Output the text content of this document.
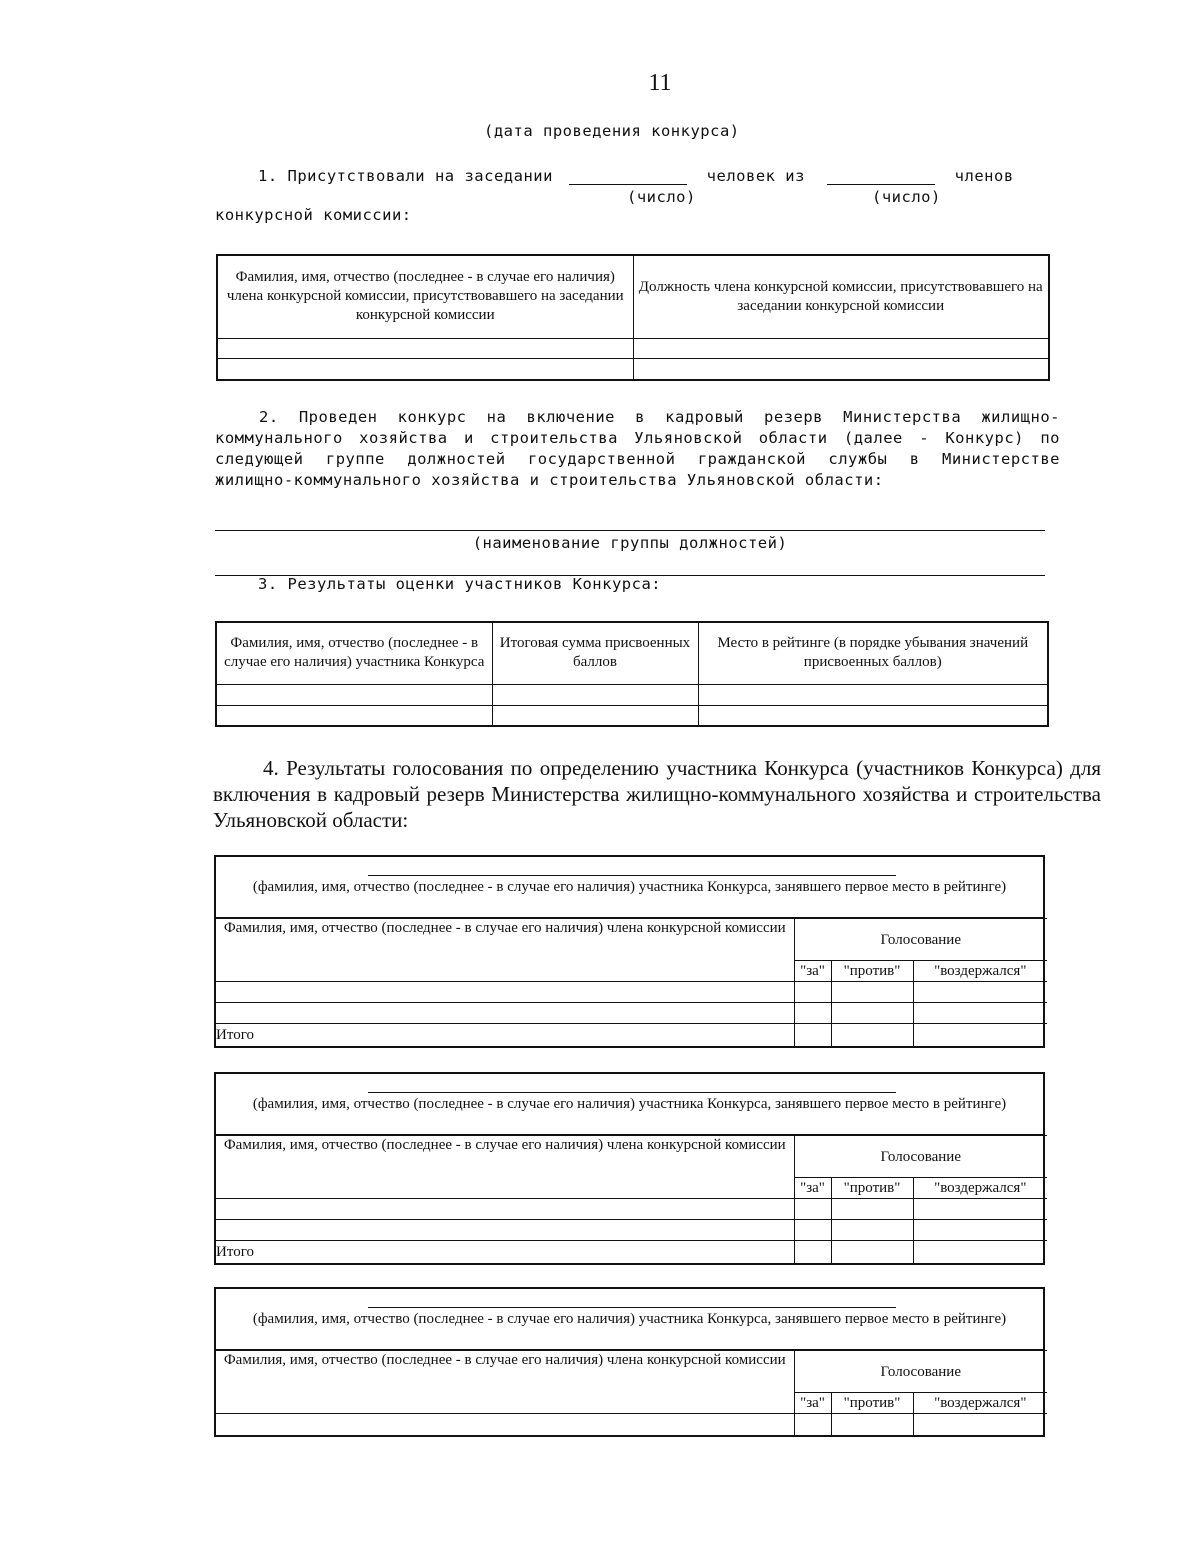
11
(дата проведения конкурса)
1. Присутствовали на заседании	человек из	членов
(число)	(число)
конкурсной комиссии:
Фамилия, имя, отчество (последнее - в случае его наличия) члена конкурсной комиссии, присутствовавшего на заседании конкурсной комиссии	Должность члена конкурсной комиссии, присутствовавшего на заседании конкурсной комиссии

2. Проведен конкурс на включение в кадровый резерв Министерства жилищно-коммунального хозяйства и строительства Ульяновской области (далее - Конкурс) по следующей группе должностей государственной гражданской службы в Министерстве жилищно-коммунального хозяйства и строительства Ульяновской области:
(наименование группы должностей)
3. Результаты оценки участников Конкурса:
Фамилия, имя, отчество (последнее - в случае его наличия) участника Конкурса	Итоговая сумма присвоенных баллов	Место в рейтинге (в порядке убывания значений присвоенных баллов)

4. Результаты голосования по определению участника Конкурса (участников Конкурса) для включения в кадровый резерв Министерства жилищно-коммунального хозяйства и строительства Ульяновской области:
(фамилия, имя, отчество (последнее - в случае его наличия) участника Конкурса, занявшего первое место в рейтинге)
Фамилия, имя, отчество (последнее - в случае его наличия) члена конкурсной комиссии	Голосование		
	"за"	"против"	"воздержался"

Итого			
(фамилия, имя, отчество (последнее - в случае его наличия) участника Конкурса, занявшего первое место в рейтинге)
Фамилия, имя, отчество (последнее - в случае его наличия) члена конкурсной комиссии	Голосование		
	"за"	"против"	"воздержался"

Итого			
(фамилия, имя, отчество (последнее - в случае его наличия) участника Конкурса, занявшего первое место в рейтинге)
Фамилия, имя, отчество (последнее - в случае его наличия) члена конкурсной комиссии	Голосование		
	"за"	"против"	"воздержался"
